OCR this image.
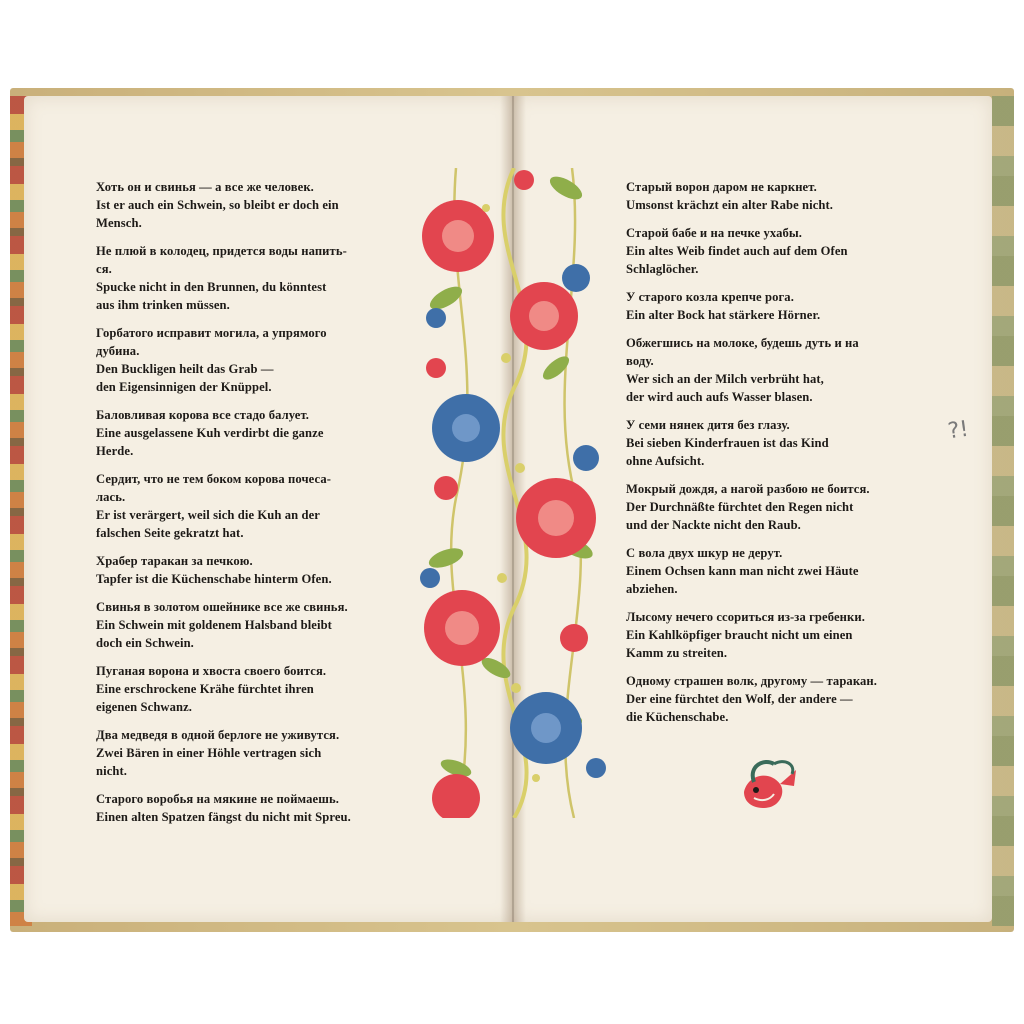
Хоть он и свинья — а все же человек.

Ist er auch ein Schwein, so bleibt er doch ein
Mensch.

Не плюй в колодец, придется воды напить-
ся.

Spucke nicht in den Brunnen, du könntest
aus ihm trinken müssen.

Горбатого исправит могила, а упрямого
дубина.

Den Buckligen heilt das Grab —
den Eigensinnigen der Knüppel.

Баловливая корова все стадо балует.

Eine ausgelassene Kuh verdirbt die ganze
Herde.

Сердит, что не тем боком корова почеса-
лась.

Er ist verärgert, weil sich die Kuh an der
falschen Seite gekratzt hat.

Храбер таракан за печкою.

Tapfer ist die Küchenschabe hinterm Ofen.

Свинья в золотом ошейнике все же свинья.

Ein Schwein mit goldenem Halsband bleibt
doch ein Schwein.

Пуганая ворона и хвоста своего боится.

Eine erschrockene Krähe fürchtet ihren
eigenen Schwanz.

Два медведя в одной берлоге не уживутся.

Zwei Bären in einer Höhle vertragen sich
nicht.

Старого воробья на мякине не поймаешь.

Einen alten Spatzen fängst du nicht mit Spreu.

Старый ворон даром не каркнет.

Umsonst krächzt ein alter Rabe nicht.

Старой бабе и на печке ухабы.

Ein altes Weib findet auch auf dem Ofen
Schlaglöcher.

У старого козла крепче рога.

Ein alter Bock hat stärkere Hörner.

Обжегшись на молоке, будешь дуть и на
воду.

Wer sich an der Milch verbrüht hat,
der wird auch aufs Wasser blasen.

У семи нянек дитя без глазу.

Bei sieben Kinderfrauen ist das Kind
ohne Aufsicht.

Мокрый дождя, а нагой разбою не боится.

Der Durchnäßte fürchtet den Regen nicht
und der Nackte nicht den Raub.

С вола двух шкур не дерут.

Einem Ochsen kann man nicht zwei Häute
abziehen.

Лысому нечего ссориться из-за гребенки.

Ein Kahlköpfiger braucht nicht um einen
Kamm zu streiten.

Одному страшен волк, другому — таракан.

Der eine fürchtet den Wolf, der andere —
die Küchenschabe.

?!
